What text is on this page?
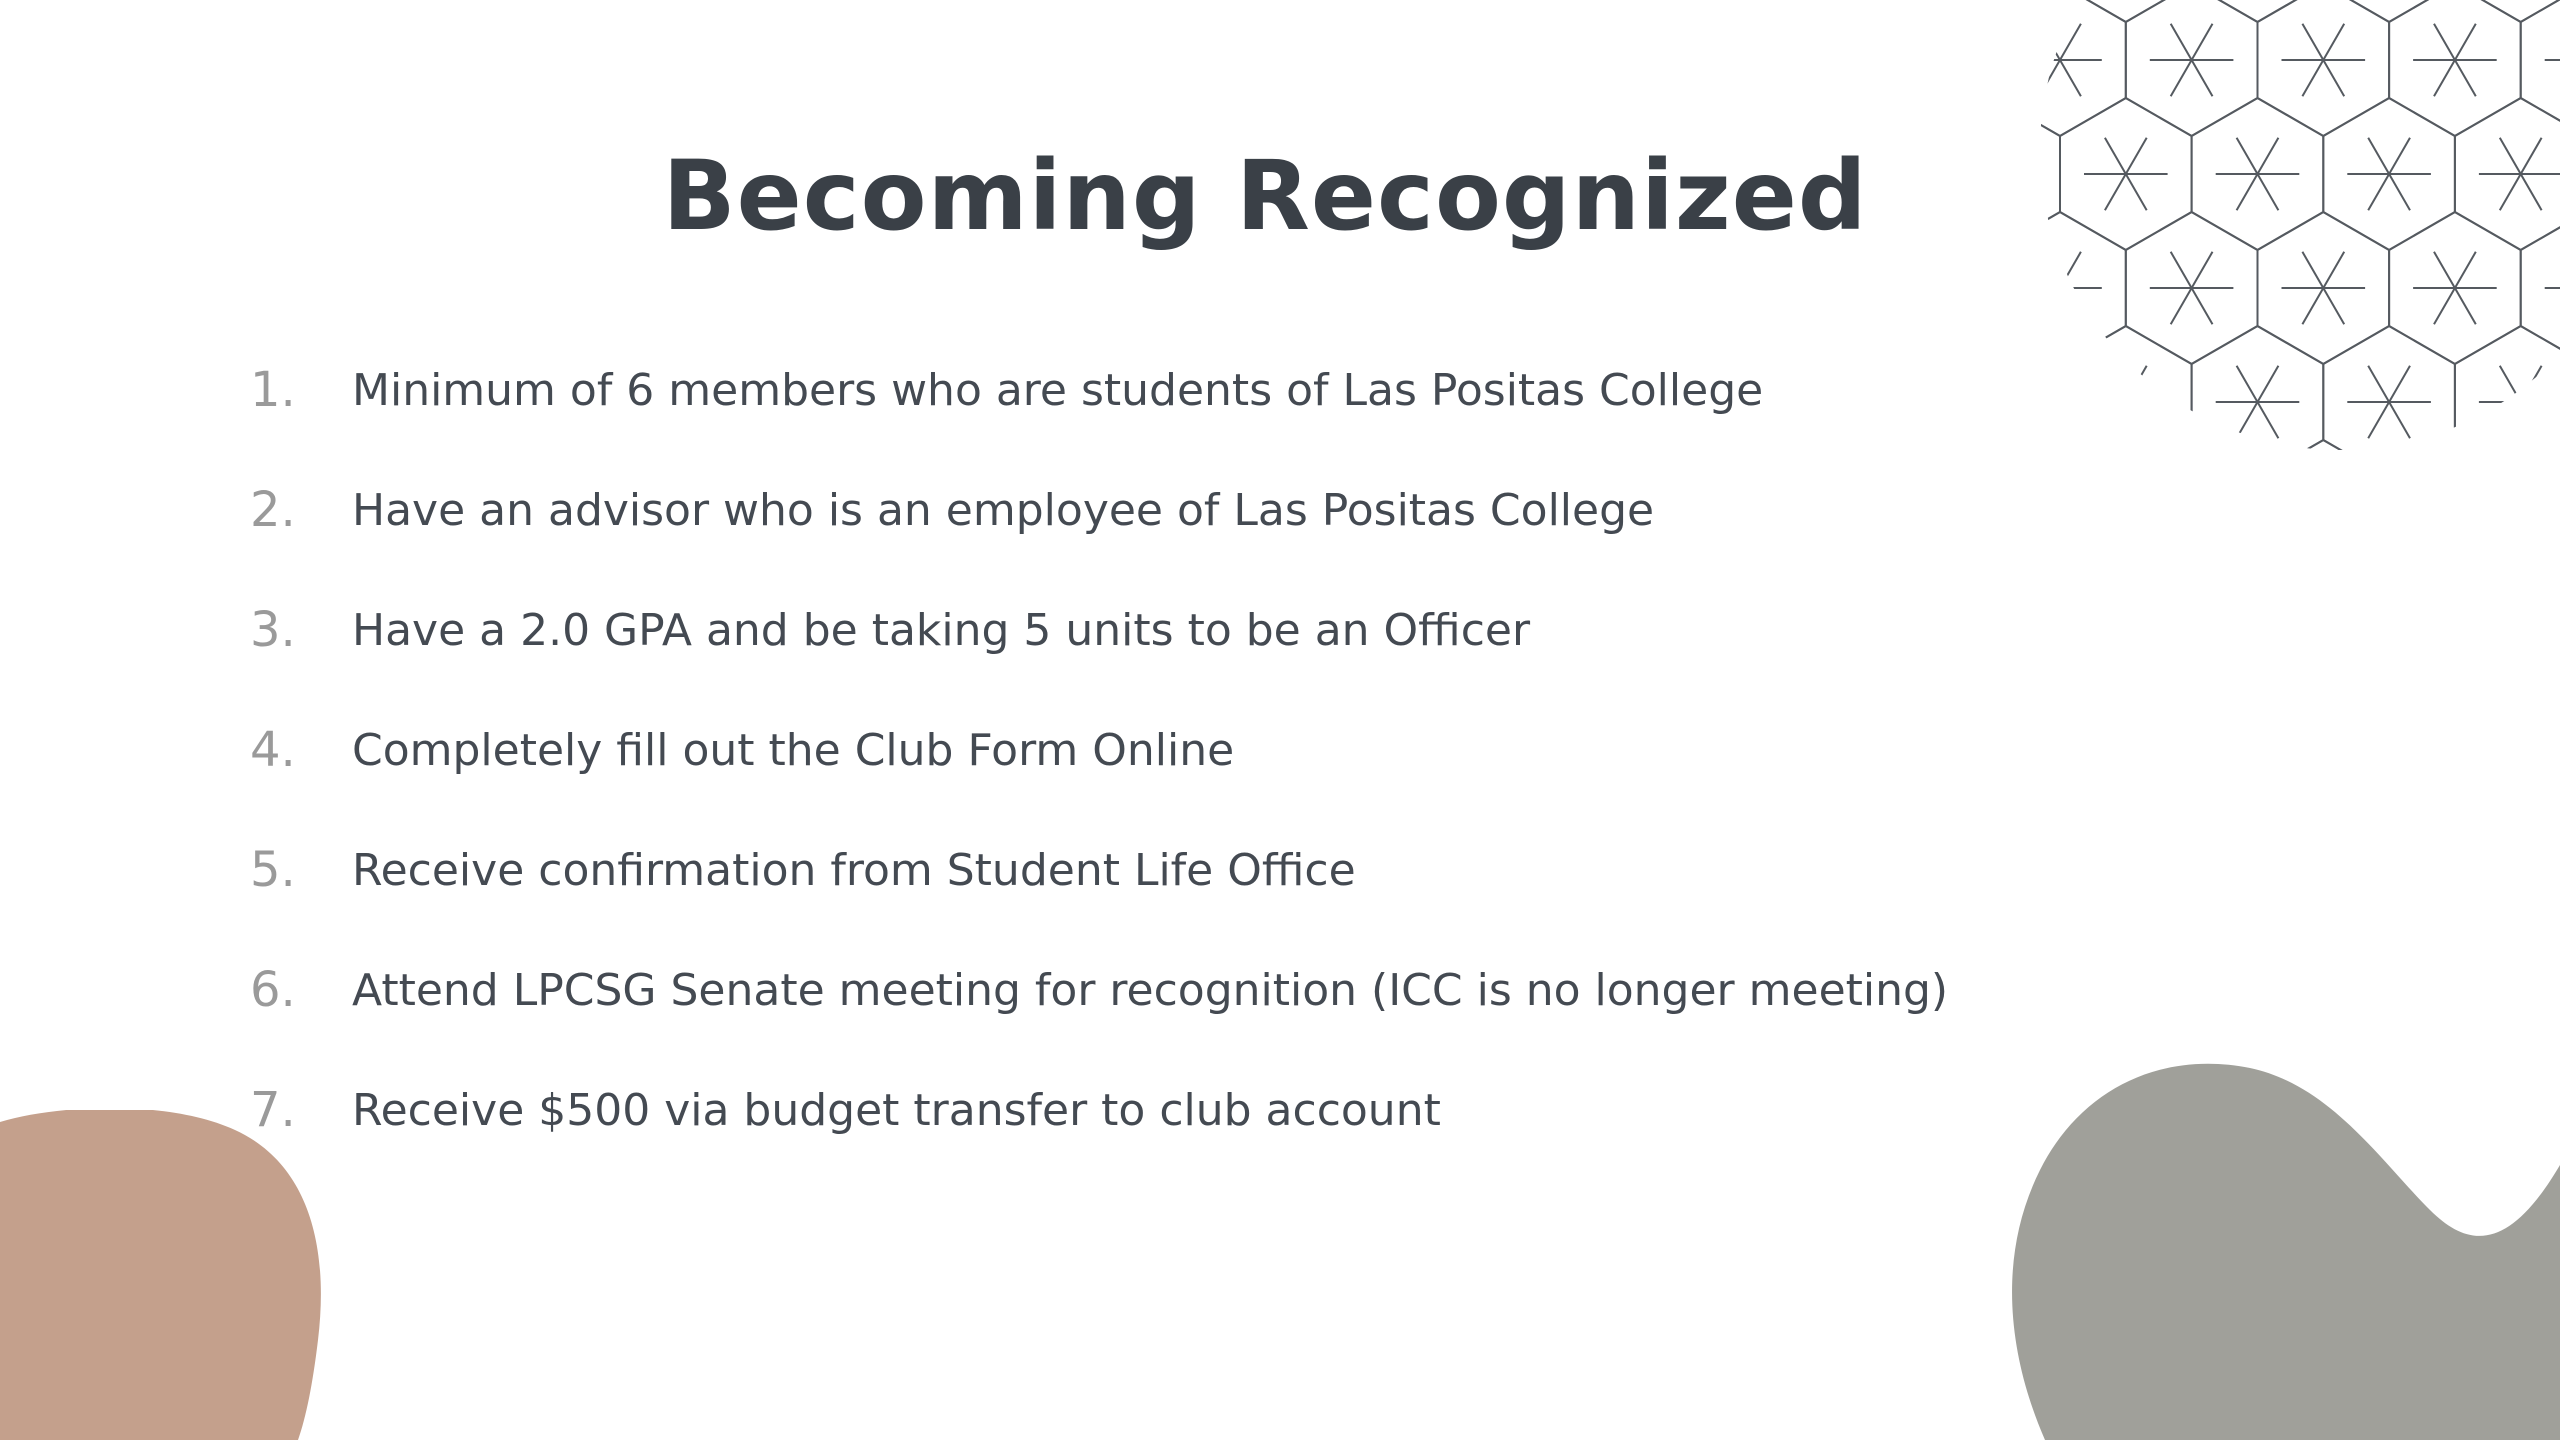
Becoming Recognized
1.	Minimum of 6 members who are students of Las Positas College
2.	Have an advisor who is an employee of Las Positas College
3.	Have a 2.0 GPA and be taking 5 units to be an Officer
4.	Completely fill out the Club Form Online
5.	Receive confirmation from Student Life Office
6.	Attend LPCSG Senate meeting for recognition (ICC is no longer meeting)
7.	Receive $500 via budget transfer to club account
